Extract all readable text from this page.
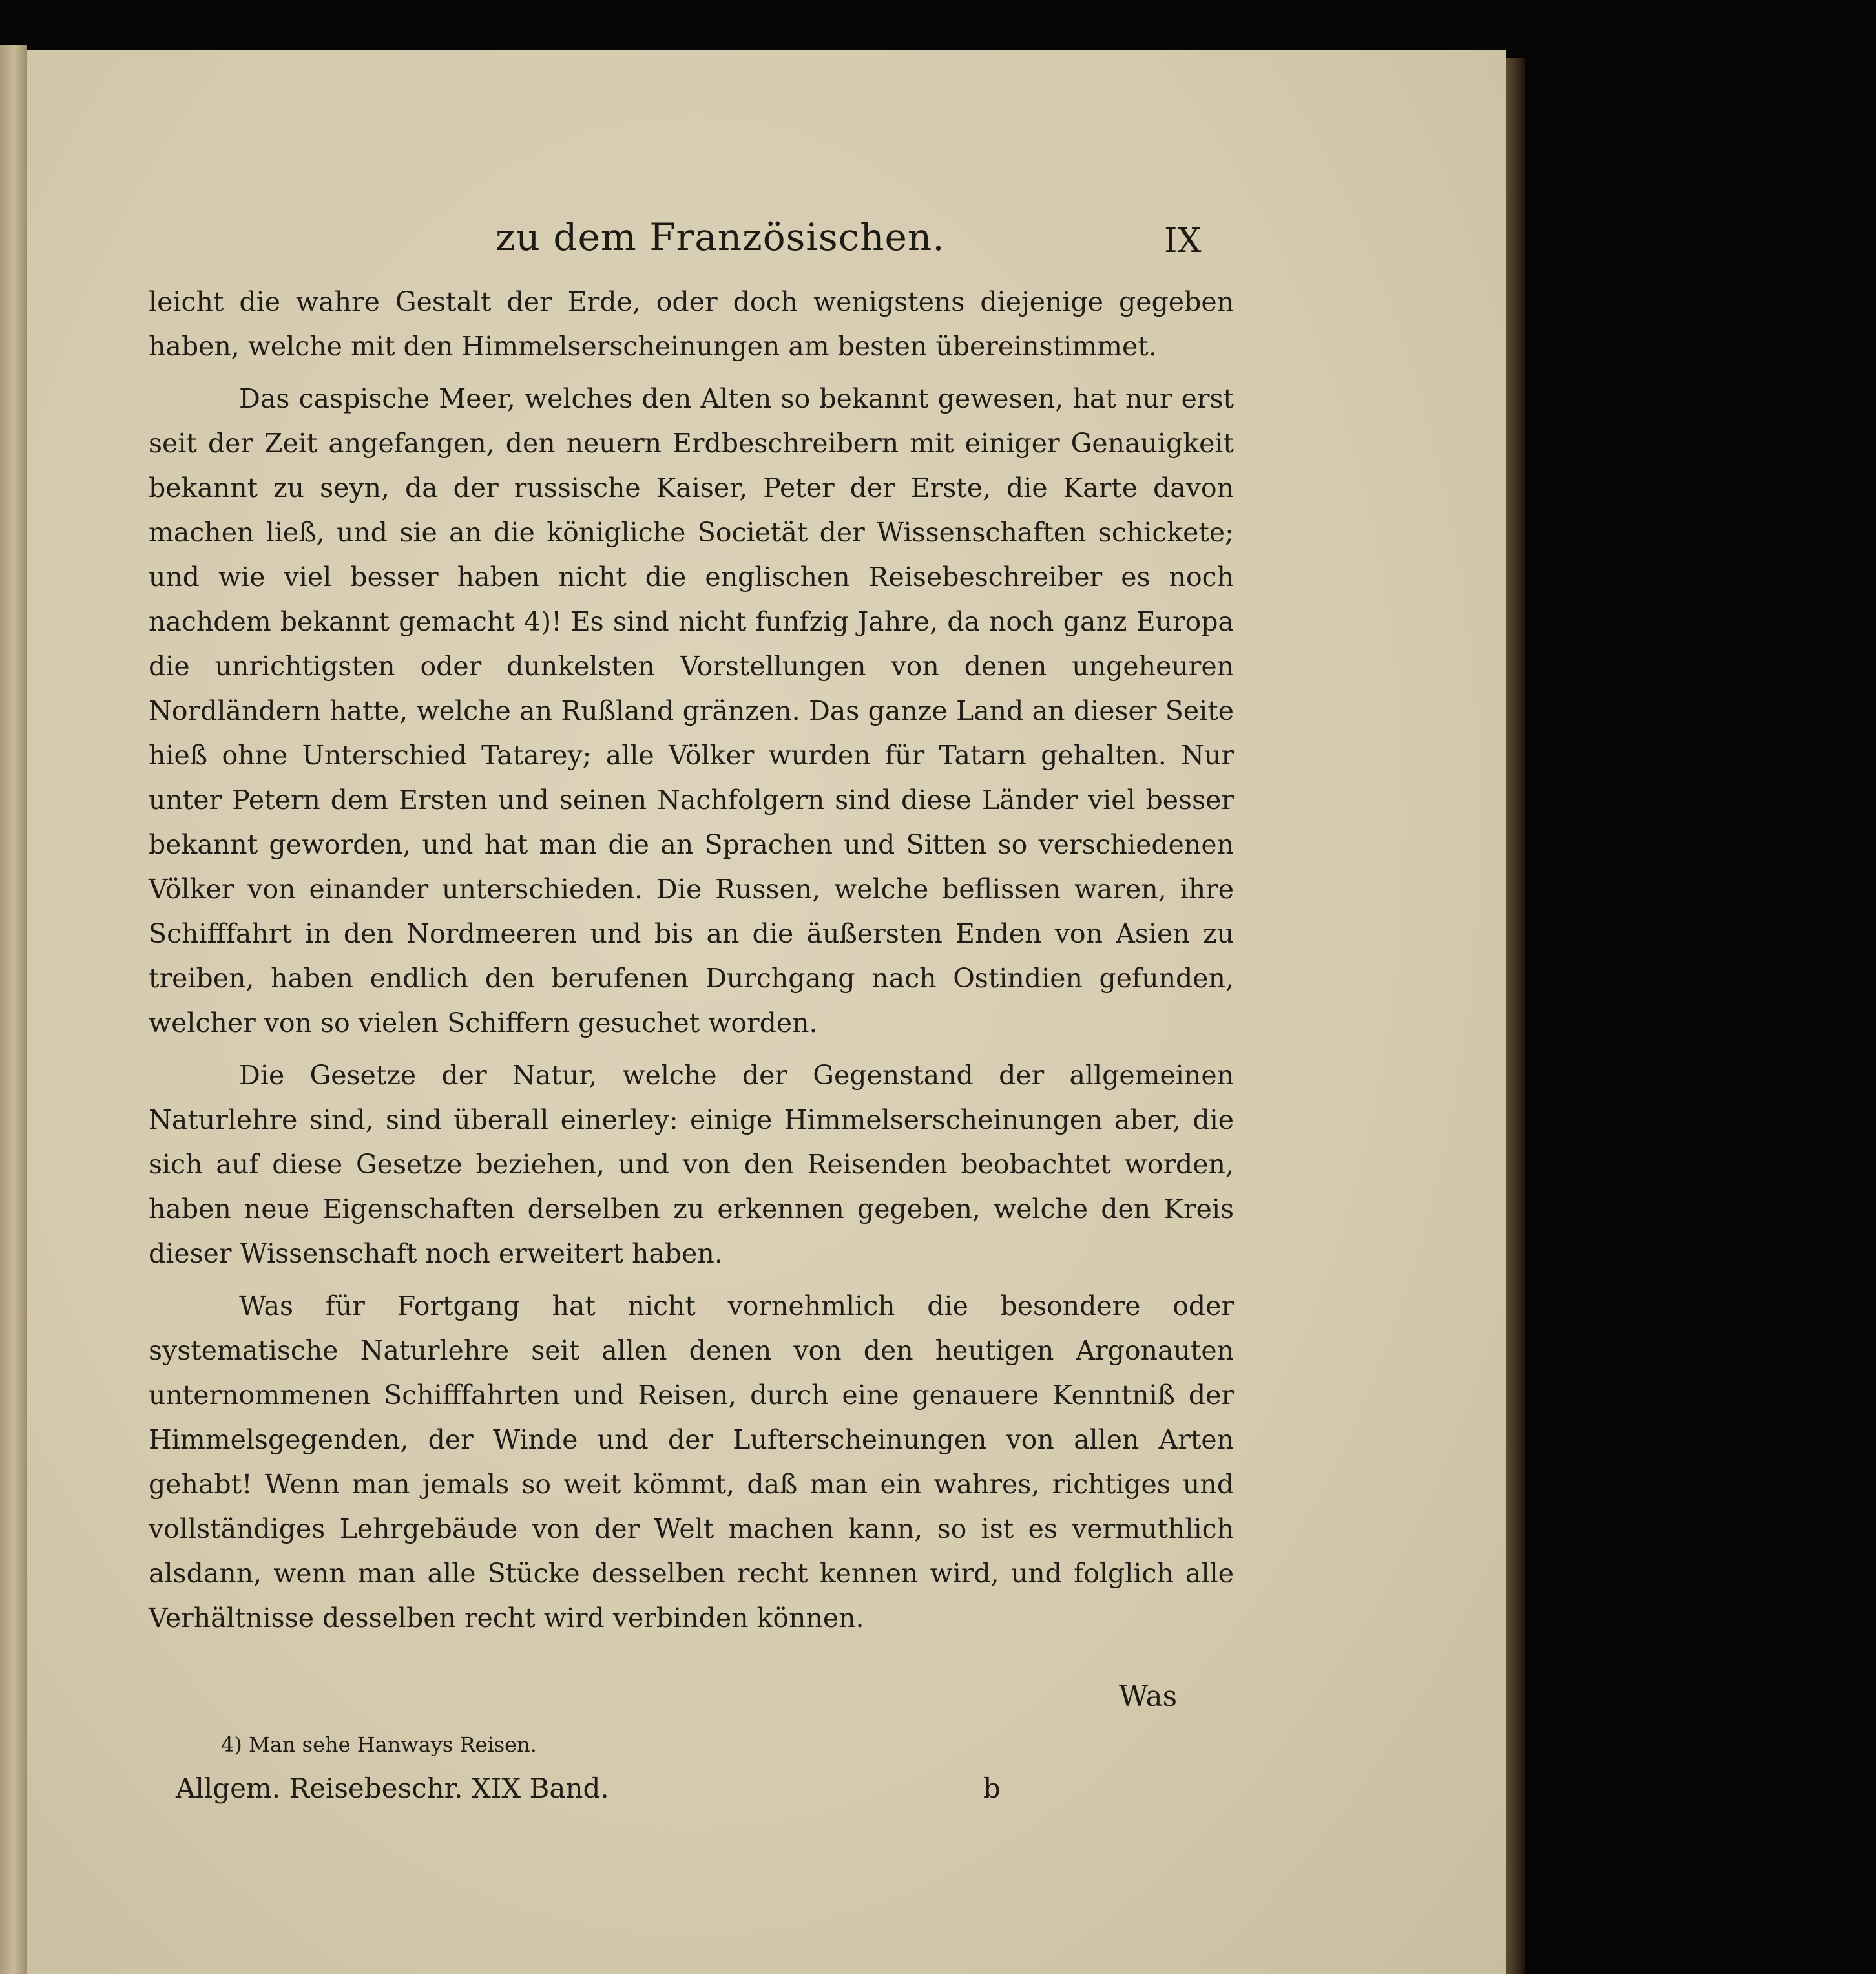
zu dem Französischen.	IX

leicht die wahre Gestalt der Erde, oder doch wenigstens diejenige gegeben haben, welche mit den Himmelserscheinungen am besten übereinstimmet.

Das caspische Meer, welches den Alten so bekannt gewesen, hat nur erst seit der Zeit angefangen, den neuern Erdbeschreibern mit einiger Genauigkeit bekannt zu seyn, da der russische Kaiser, Peter der Erste, die Karte davon machen ließ, und sie an die königliche Societät der Wissenschaften schickete; und wie viel besser haben nicht die englischen Reisebeschreiber es noch nachdem bekannt gemacht 4)! Es sind nicht funfzig Jahre, da noch ganz Europa die unrichtigsten oder dunkelsten Vorstellungen von denen ungeheuren Nordländern hatte, welche an Rußland gränzen. Das ganze Land an dieser Seite hieß ohne Unterschied Tatarey; alle Völker wurden für Tatarn gehalten. Nur unter Petern dem Ersten und seinen Nachfolgern sind diese Länder viel besser bekannt geworden, und hat man die an Sprachen und Sitten so verschiedenen Völker von einander unterschieden. Die Russen, welche beflissen waren, ihre Schifffahrt in den Nordmeeren und bis an die äußersten Enden von Asien zu treiben, haben endlich den berufenen Durchgang nach Ostindien gefunden, welcher von so vielen Schiffern gesuchet worden.

Die Gesetze der Natur, welche der Gegenstand der allgemeinen Naturlehre sind, sind überall einerley: einige Himmelserscheinungen aber, die sich auf diese Gesetze beziehen, und von den Reisenden beobachtet worden, haben neue Eigenschaften derselben zu erkennen gegeben, welche den Kreis dieser Wissenschaft noch erweitert haben.

Was für Fortgang hat nicht vornehmlich die besondere oder systematische Naturlehre seit allen denen von den heutigen Argonauten unternommenen Schifffahrten und Reisen, durch eine genauere Kenntniß der Himmelsgegenden, der Winde und der Lufterscheinungen von allen Arten gehabt! Wenn man jemals so weit kömmt, daß man ein wahres, richtiges und vollständiges Lehrgebäude von der Welt machen kann, so ist es vermuthlich alsdann, wenn man alle Stücke desselben recht kennen wird, und folglich alle Verhältnisse desselben recht wird verbinden können.

Was
4) Man sehe Hanways Reisen.
Allgem. Reisebeschr. XIX Band.	b
